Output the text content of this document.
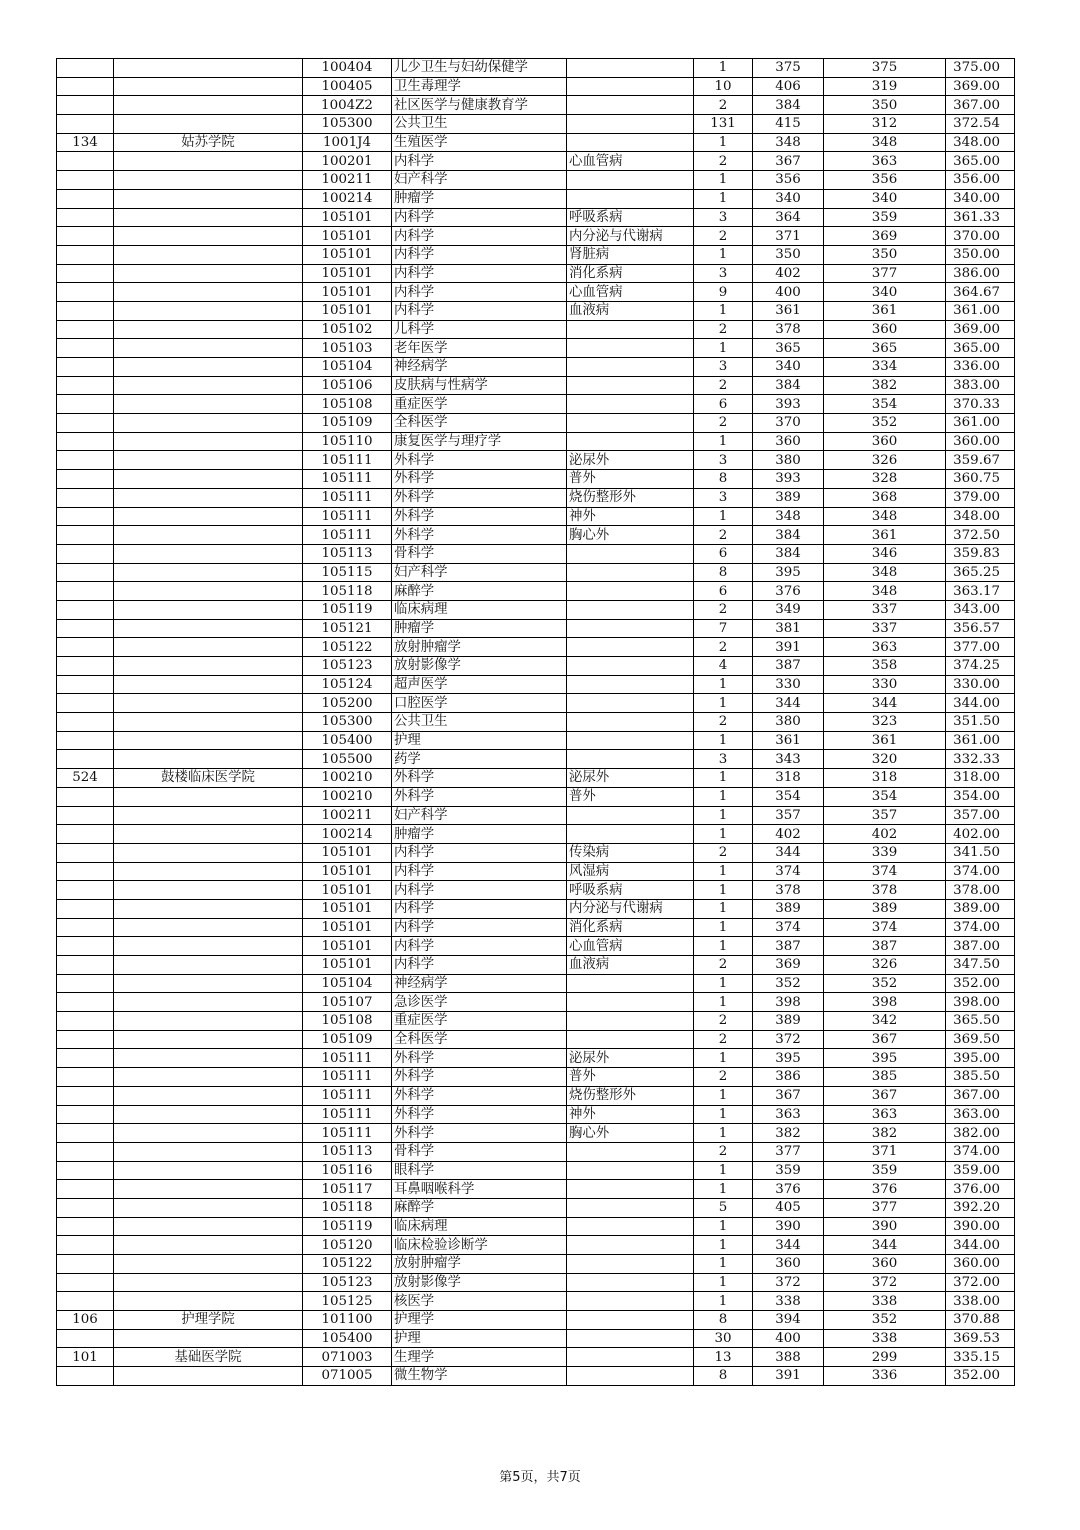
		100404	儿少卫生与妇幼保健学		1	375	375	375.00
		100405	卫生毒理学		10	406	319	369.00
		1004Z2	社区医学与健康教育学		2	384	350	367.00
		105300	公共卫生		131	415	312	372.54
134	姑苏学院	1001J4	生殖医学		1	348	348	348.00
		100201	内科学	心血管病	2	367	363	365.00
		100211	妇产科学		1	356	356	356.00
		100214	肿瘤学		1	340	340	340.00
		105101	内科学	呼吸系病	3	364	359	361.33
		105101	内科学	内分泌与代谢病	2	371	369	370.00
		105101	内科学	肾脏病	1	350	350	350.00
		105101	内科学	消化系病	3	402	377	386.00
		105101	内科学	心血管病	9	400	340	364.67
		105101	内科学	血液病	1	361	361	361.00
		105102	儿科学		2	378	360	369.00
		105103	老年医学		1	365	365	365.00
		105104	神经病学		3	340	334	336.00
		105106	皮肤病与性病学		2	384	382	383.00
		105108	重症医学		6	393	354	370.33
		105109	全科医学		2	370	352	361.00
		105110	康复医学与理疗学		1	360	360	360.00
		105111	外科学	泌尿外	3	380	326	359.67
		105111	外科学	普外	8	393	328	360.75
		105111	外科学	烧伤整形外	3	389	368	379.00
		105111	外科学	神外	1	348	348	348.00
		105111	外科学	胸心外	2	384	361	372.50
		105113	骨科学		6	384	346	359.83
		105115	妇产科学		8	395	348	365.25
		105118	麻醉学		6	376	348	363.17
		105119	临床病理		2	349	337	343.00
		105121	肿瘤学		7	381	337	356.57
		105122	放射肿瘤学		2	391	363	377.00
		105123	放射影像学		4	387	358	374.25
		105124	超声医学		1	330	330	330.00
		105200	口腔医学		1	344	344	344.00
		105300	公共卫生		2	380	323	351.50
		105400	护理		1	361	361	361.00
		105500	药学		3	343	320	332.33
524	鼓楼临床医学院	100210	外科学	泌尿外	1	318	318	318.00
		100210	外科学	普外	1	354	354	354.00
		100211	妇产科学		1	357	357	357.00
		100214	肿瘤学		1	402	402	402.00
		105101	内科学	传染病	2	344	339	341.50
		105101	内科学	风湿病	1	374	374	374.00
		105101	内科学	呼吸系病	1	378	378	378.00
		105101	内科学	内分泌与代谢病	1	389	389	389.00
		105101	内科学	消化系病	1	374	374	374.00
		105101	内科学	心血管病	1	387	387	387.00
		105101	内科学	血液病	2	369	326	347.50
		105104	神经病学		1	352	352	352.00
		105107	急诊医学		1	398	398	398.00
		105108	重症医学		2	389	342	365.50
		105109	全科医学		2	372	367	369.50
		105111	外科学	泌尿外	1	395	395	395.00
		105111	外科学	普外	2	386	385	385.50
		105111	外科学	烧伤整形外	1	367	367	367.00
		105111	外科学	神外	1	363	363	363.00
		105111	外科学	胸心外	1	382	382	382.00
		105113	骨科学		2	377	371	374.00
		105116	眼科学		1	359	359	359.00
		105117	耳鼻咽喉科学		1	376	376	376.00
		105118	麻醉学		5	405	377	392.20
		105119	临床病理		1	390	390	390.00
		105120	临床检验诊断学		1	344	344	344.00
		105122	放射肿瘤学		1	360	360	360.00
		105123	放射影像学		1	372	372	372.00
		105125	核医学		1	338	338	338.00
106	护理学院	101100	护理学		8	394	352	370.88
		105400	护理		30	400	338	369.53
101	基础医学院	071003	生理学		13	388	299	335.15
		071005	微生物学		8	391	336	352.00
第5页，共7页
